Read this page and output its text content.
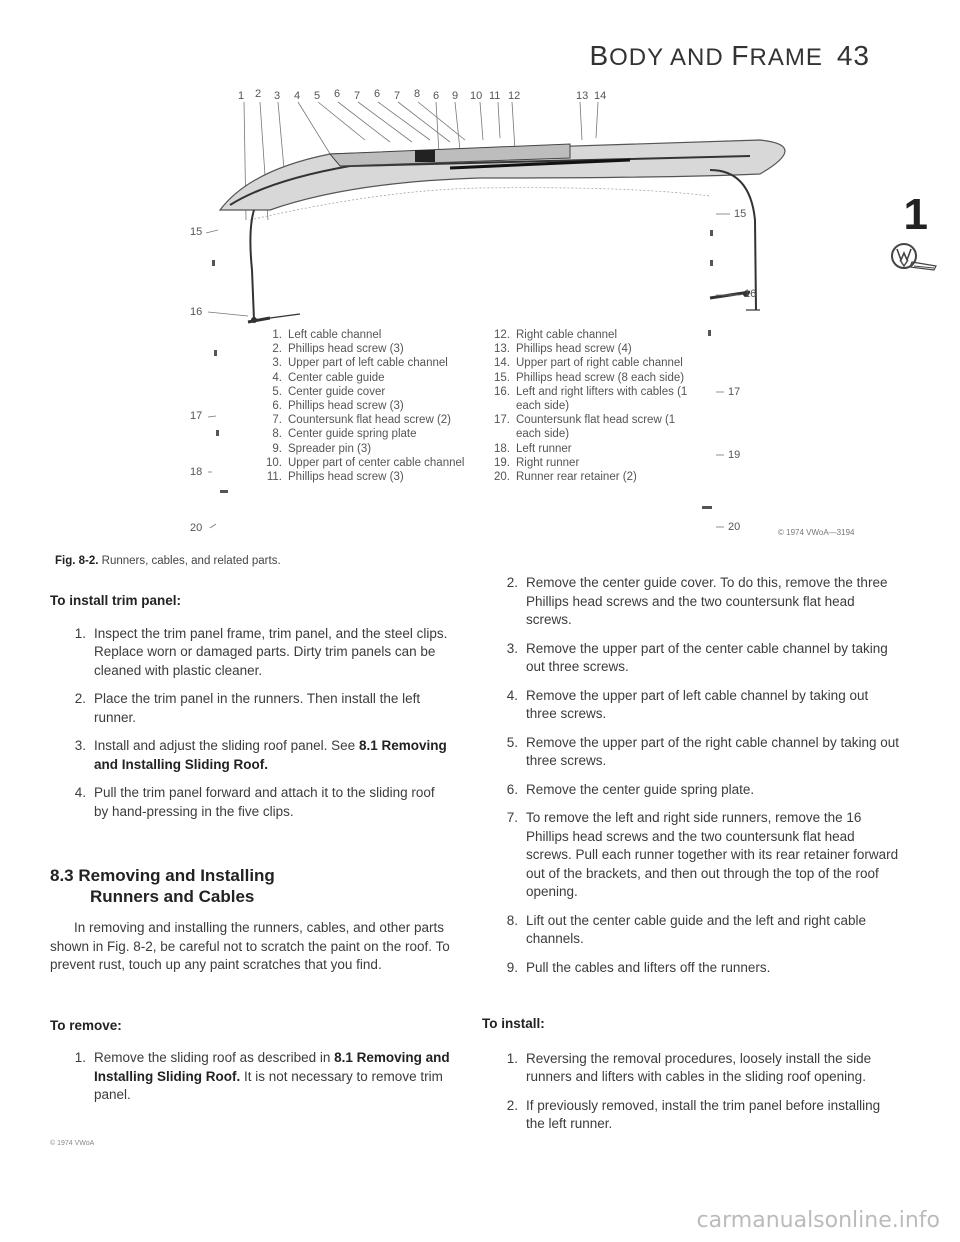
BODY AND FRAME 43
1
1 2 3 4 5 6 7 6 7 8 6 9 10 11 12	13 14
15
16
17
18
20
15
16
17
19
20
1. Left cable channel
2. Phillips head screw (3)
3. Upper part of left cable channel
4. Center cable guide
5. Center guide cover
6. Phillips head screw (3)
7. Countersunk flat head screw (2)
8. Center guide spring plate
9. Spreader pin (3)
10. Upper part of center cable channel
11. Phillips head screw (3)
12. Right cable channel
13. Phillips head screw (4)
14. Upper part of right cable channel
15. Phillips head screw (8 each side)
16. Left and right lifters with cables (1 each side)
17. Countersunk flat head screw (1 each side)
18. Left runner
19. Right runner
20. Runner rear retainer (2)
© 1974 VWoA—3194
Fig. 8-2. Runners, cables, and related parts.

To install trim panel:

1. Inspect the trim panel frame, trim panel, and the steel clips. Replace worn or damaged parts. Dirty trim panels can be cleaned with plastic cleaner.
2. Place the trim panel in the runners. Then install the left runner.
3. Install and adjust the sliding roof panel. See 8.1 Removing and Installing Sliding Roof.
4. Pull the trim panel forward and attach it to the sliding roof by hand-pressing in the five clips.

8.3 Removing and Installing
Runners and Cables

In removing and installing the runners, cables, and other parts shown in Fig. 8-2, be careful not to scratch the paint on the roof. To prevent rust, touch up any paint scratches that you find.

To remove:

1. Remove the sliding roof as described in 8.1 Removing and Installing Sliding Roof. It is not necessary to remove trim panel.
2. Remove the center guide cover. To do this, remove the three Phillips head screws and the two countersunk flat head screws.
3. Remove the upper part of the center cable channel by taking out three screws.
4. Remove the upper part of left cable channel by taking out three screws.
5. Remove the upper part of the right cable channel by taking out three screws.
6. Remove the center guide spring plate.
7. To remove the left and right side runners, remove the 16 Phillips head screws and the two countersunk flat head screws. Pull each runner together with its rear retainer forward out of the brackets, and then out through the top of the roof opening.
8. Lift out the center cable guide and the left and right cable channels.
9. Pull the cables and lifters off the runners.

To install:

1. Reversing the removal procedures, loosely install the side runners and lifters with cables in the sliding roof opening.
2. If previously removed, install the trim panel before installing the left runner.
© 1974 VWoA
carmanualsonline.info
